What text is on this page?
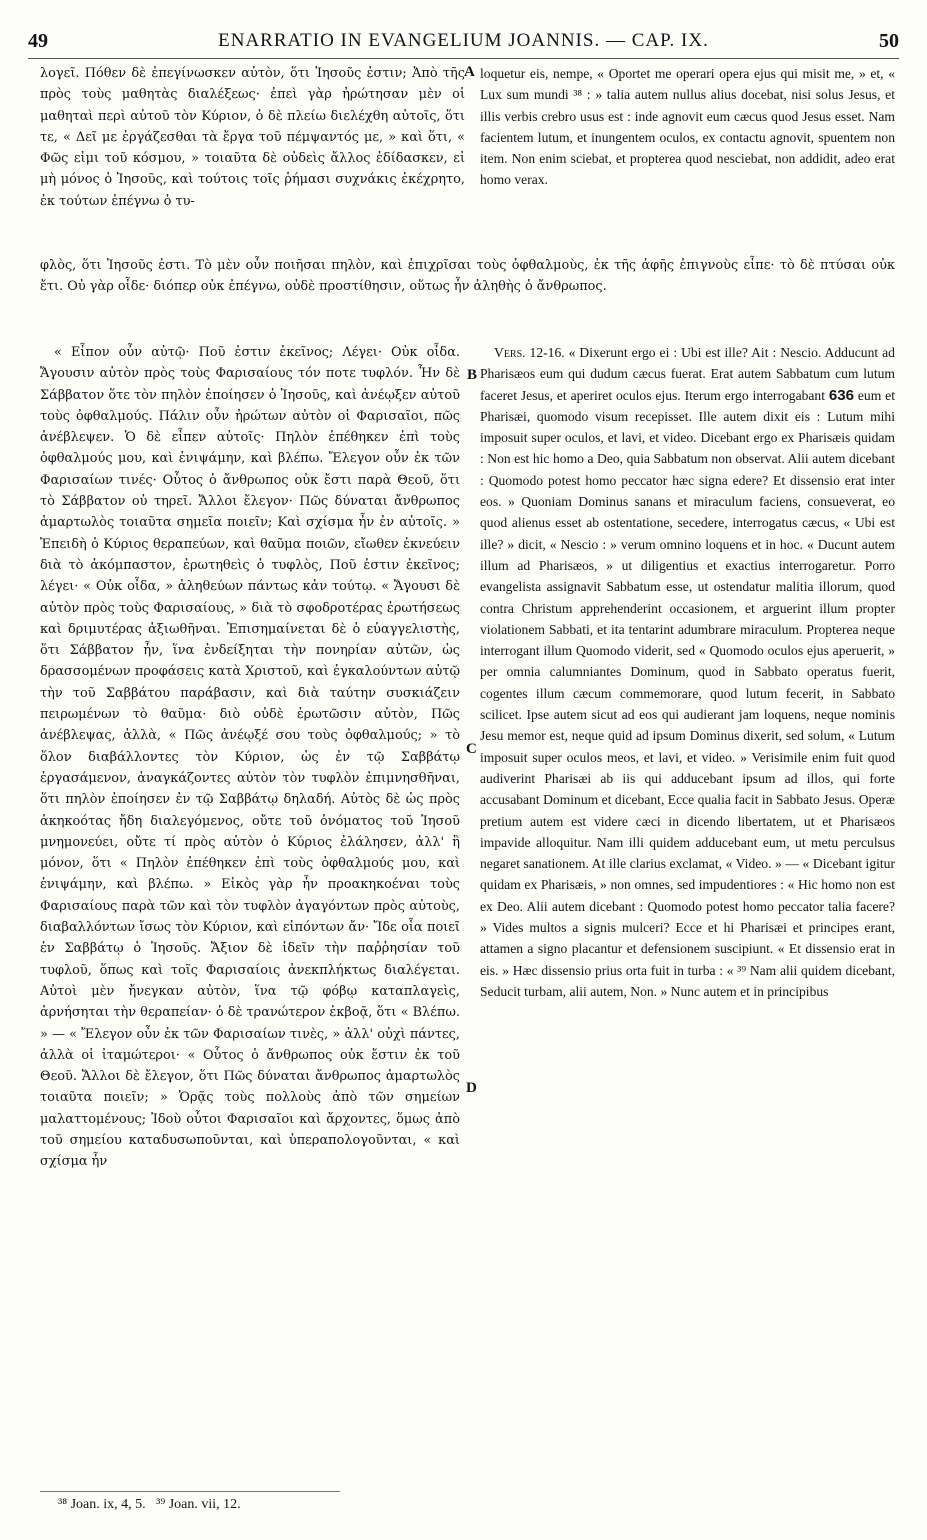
49	ENARRATIO IN EVANGELIUM JOANNIS. — CAP. IX.	50

λογεῖ. Πόθεν δὲ ἐπεγίνωσκεν αὐτὸν, ὅτι Ἰησοῦς ἐστιν; Ἀπὸ τῆς πρὸς τοὺς μαθητὰς διαλέξεως· ἐπεὶ γὰρ ἠρώτησαν μὲν οἱ μαθηταὶ περὶ αὐτοῦ τὸν Κύριον, ὁ δὲ πλείω διελέχθη αὐτοῖς, ὅτι τε, « Δεῖ με ἐργάζεσθαι τὰ ἔργα τοῦ πέμψαντός με, » καὶ ὅτι, « Φῶς εἰμι τοῦ κόσμου, » τοιαῦτα δὲ οὐδεὶς ἄλλος ἐδίδασκεν, εἰ μὴ μόνος ὁ Ἰησοῦς, καὶ τούτοις τοῖς ῥήμασι συχνάκις ἐκέχρητο, ἐκ τούτων ἐπέγνω ὁ τυ-

loquetur eis, nempe, « Oportet me operari opera ejus qui misit me, » et, « Lux sum mundi ³⁸ : » talia autem nullus alius docebat, nisi solus Jesus, et illis verbis crebro usus est : inde agnovit eum cæcus quod Jesus esset. Nam facientem lutum, et inungentem oculos, ex contactu agnovit, spuentem non item. Non enim sciebat, et propterea quod nesciebat, non addidit, adeo erat homo verax.

A

φλὸς, ὅτι Ἰησοῦς ἐστι. Τὸ μὲν οὖν ποιῆσαι πηλὸν, καὶ ἐπιχρῖσαι τοὺς ὀφθαλμοὺς, ἐκ τῆς ἀφῆς ἐπιγνοὺς εἶπε· τὸ δὲ πτύσαι οὐκ ἔτι. Οὐ γὰρ οἶδε· διόπερ οὐκ ἐπέγνω, οὐδὲ προστίθησιν, οὕτως ἦν ἀληθὴς ὁ ἄνθρωπος.

« Εἶπον οὖν αὐτῷ· Ποῦ ἐστιν ἐκεῖνος; Λέγει· Οὐκ οἶδα. Ἄγουσιν αὐτὸν πρὸς τοὺς Φαρισαίους τόν ποτε τυφλόν. Ἦν δὲ Σάββατον ὅτε τὸν πηλὸν ἐποίησεν ὁ Ἰησοῦς, καὶ ἀνέῳξεν αὐτοῦ τοὺς ὀφθαλμούς. Πάλιν οὖν ἠρώτων αὐτὸν οἱ Φαρισαῖοι, πῶς ἀνέβλεψεν. Ὁ δὲ εἶπεν αὐτοῖς· Πηλὸν ἐπέθηκεν ἐπὶ τοὺς ὀφθαλμούς μου, καὶ ἐνιψάμην, καὶ βλέπω. Ἔλεγον οὖν ἐκ τῶν Φαρισαίων τινές· Οὗτος ὁ ἄνθρωπος οὐκ ἔστι παρὰ Θεοῦ, ὅτι τὸ Σάββατον οὐ τηρεῖ. Ἄλλοι ἔλεγον· Πῶς δύναται ἄνθρωπος ἁμαρτωλὸς τοιαῦτα σημεῖα ποιεῖν; Καὶ σχίσμα ἦν ἐν αὐτοῖς. » Ἐπειδὴ ὁ Κύριος θεραπεύων, καὶ θαῦμα ποιῶν, εἴωθεν ἐκνεύειν διὰ τὸ ἀκόμπαστον, ἐρωτηθεὶς ὁ τυφλὸς, Ποῦ ἐστιν ἐκεῖνος; λέγει· « Οὐκ οἶδα, » ἀληθεύων πάντως κἀν τούτῳ. « Ἄγουσι δὲ αὐτὸν πρὸς τοὺς Φαρισαίους, » διὰ τὸ σφοδροτέρας ἐρωτήσεως καὶ δριμυτέρας ἀξιωθῆναι. Ἐπισημαίνεται δὲ ὁ εὐαγγελιστὴς, ὅτι Σάββατον ἦν, ἵνα ἐνδείξηται τὴν πονηρίαν αὐτῶν, ὡς δρασσομένων προφάσεις κατὰ Χριστοῦ, καὶ ἐγκαλούντων αὐτῷ τὴν τοῦ Σαββάτου παράβασιν, καὶ διὰ ταύτην συσκιάζειν πειρωμένων τὸ θαῦμα· διὸ οὐδὲ ἐρωτῶσιν αὐτὸν, Πῶς ἀνέβλεψας, ἀλλὰ, « Πῶς ἀνέῳξέ σου τοὺς ὀφθαλμούς; » τὸ ὅλον διαβάλλοντες τὸν Κύριον, ὡς ἐν τῷ Σαββάτῳ ἐργασάμενον, ἀναγκάζοντες αὐτὸν τὸν τυφλὸν ἐπιμνησθῆναι, ὅτι πηλὸν ἐποίησεν ἐν τῷ Σαββάτῳ δηλαδή. Αὐτὸς δὲ ὡς πρὸς ἀκηκοότας ἤδη διαλεγόμενος, οὔτε τοῦ ὀνόματος τοῦ Ἰησοῦ μνημονεύει, οὔτε τί πρὸς αὐτὸν ὁ Κύριος ἐλάλησεν, ἀλλ' ἢ μόνον, ὅτι « Πηλὸν ἐπέθηκεν ἐπὶ τοὺς ὀφθαλμούς μου, καὶ ἐνιψάμην, καὶ βλέπω. » Εἰκὸς γὰρ ἦν προακηκοέναι τοὺς Φαρισαίους παρὰ τῶν καὶ τὸν τυφλὸν ἀγαγόντων πρὸς αὐτοὺς, διαβαλλόντων ἴσως τὸν Κύριον, καὶ εἰπόντων ἄν· Ἴδε οἷα ποιεῖ ἐν Σαββάτῳ ὁ Ἰησοῦς. Ἄξιον δὲ ἰδεῖν τὴν παῤῥησίαν τοῦ τυφλοῦ, ὅπως καὶ τοῖς Φαρισαίοις ἀνεκπλήκτως διαλέγεται. Αὐτοὶ μὲν ἤνεγκαν αὐτὸν, ἵνα τῷ φόβῳ καταπλαγεὶς, ἀρνήσηται τὴν θεραπείαν· ὁ δὲ τρανώτερον ἐκβοᾷ, ὅτι « Βλέπω. » — « Ἔλεγον οὖν ἐκ τῶν Φαρισαίων τινὲς, » ἀλλ' οὐχὶ πάντες, ἀλλὰ οἱ ἰταμώτεροι· « Οὗτος ὁ ἄνθρωπος οὐκ ἔστιν ἐκ τοῦ Θεοῦ. Ἄλλοι δὲ ἔλεγον, ὅτι Πῶς δύναται ἄνθρωπος ἁμαρτωλὸς τοιαῦτα ποιεῖν; » Ὁρᾷς τοὺς πολλοὺς ἀπὸ τῶν σημείων μαλαττομένους; Ἰδοὺ οὗτοι Φαρισαῖοι καὶ ἄρχοντες, ὅμως ἀπὸ τοῦ σημείου καταδυσωποῦνται, καὶ ὑπεραπολογοῦνται, « καὶ σχίσμα ἦν
Vers. 12-16. « Dixerunt ergo ei : Ubi est ille? Ait : Nescio. Adducunt ad Pharisæos eum qui dudum cæcus fuerat. Erat autem Sabbatum cum lutum faceret Jesus, et aperiret oculos ejus. Iterum ergo interrogabant 636 eum et Pharisæi, quomodo visum recepisset. Ille autem dixit eis : Lutum mihi imposuit super oculos, et lavi, et video. Dicebant ergo ex Pharisæis quidam : Non est hic homo a Deo, quia Sabbatum non observat. Alii autem dicebant : Quomodo potest homo peccator hæc signa edere? Et dissensio erat inter eos. » Quoniam Dominus sanans et miraculum faciens, consueverat, eo quod alienus esset ab ostentatione, secedere, interrogatus cæcus, « Ubi est ille? » dicit, « Nescio : » verum omnino loquens et in hoc. « Ducunt autem illum ad Pharisæos, » ut diligentius et exactius interrogaretur. Porro evangelista assignavit Sabbatum esse, ut ostendatur malitia illorum, quod contra Christum apprehenderint occasionem, et arguerint illum propter violationem Sabbati, et ita tentarint adumbrare miraculum. Propterea neque interrogant illum Quomodo viderit, sed « Quomodo oculos ejus aperuerit, » per omnia calumniantes Dominum, quod in Sabbato operatus fuerit, cogentes illum cæcum commemorare, quod lutum fecerit, in Sabbato scilicet. Ipse autem sicut ad eos qui audierant jam loquens, neque nominis Jesu memor est, neque quid ad ipsum Dominus dixerit, sed solum, « Lutum imposuit super oculos meos, et lavi, et video. » Verisimile enim fuit quod audiverint Pharisæi ab iis qui adducebant ipsum ad illos, qui forte accusabant Dominum et dicebant, Ecce qualia facit in Sabbato Jesus. Operæ pretium autem est videre cæci in dicendo libertatem, ut et Pharisæos impavide alloquitur. Nam illi quidem adducebant eum, ut metu perculsus negaret sanationem. At ille clarius exclamat, « Video. » — « Dicebant igitur quidam ex Pharisæis, » non omnes, sed impudentiores : « Hic homo non est ex Deo. Alii autem dicebant : Quomodo potest homo peccator talia facere? » Vides multos a signis mulceri? Ecce et hi Pharisæi et principes erant, attamen a signo placantur et defensionem suscipiunt. « Et dissensio erat in eis. » Hæc dissensio prius orta fuit in turba : « ³⁹ Nam alii quidem dicebant, Seducit turbam, alii autem, Non. » Nunc autem et in principibus
B
C
D
³⁸ Joan. ix, 4, 5.   ³⁹ Joan. vii, 12.
